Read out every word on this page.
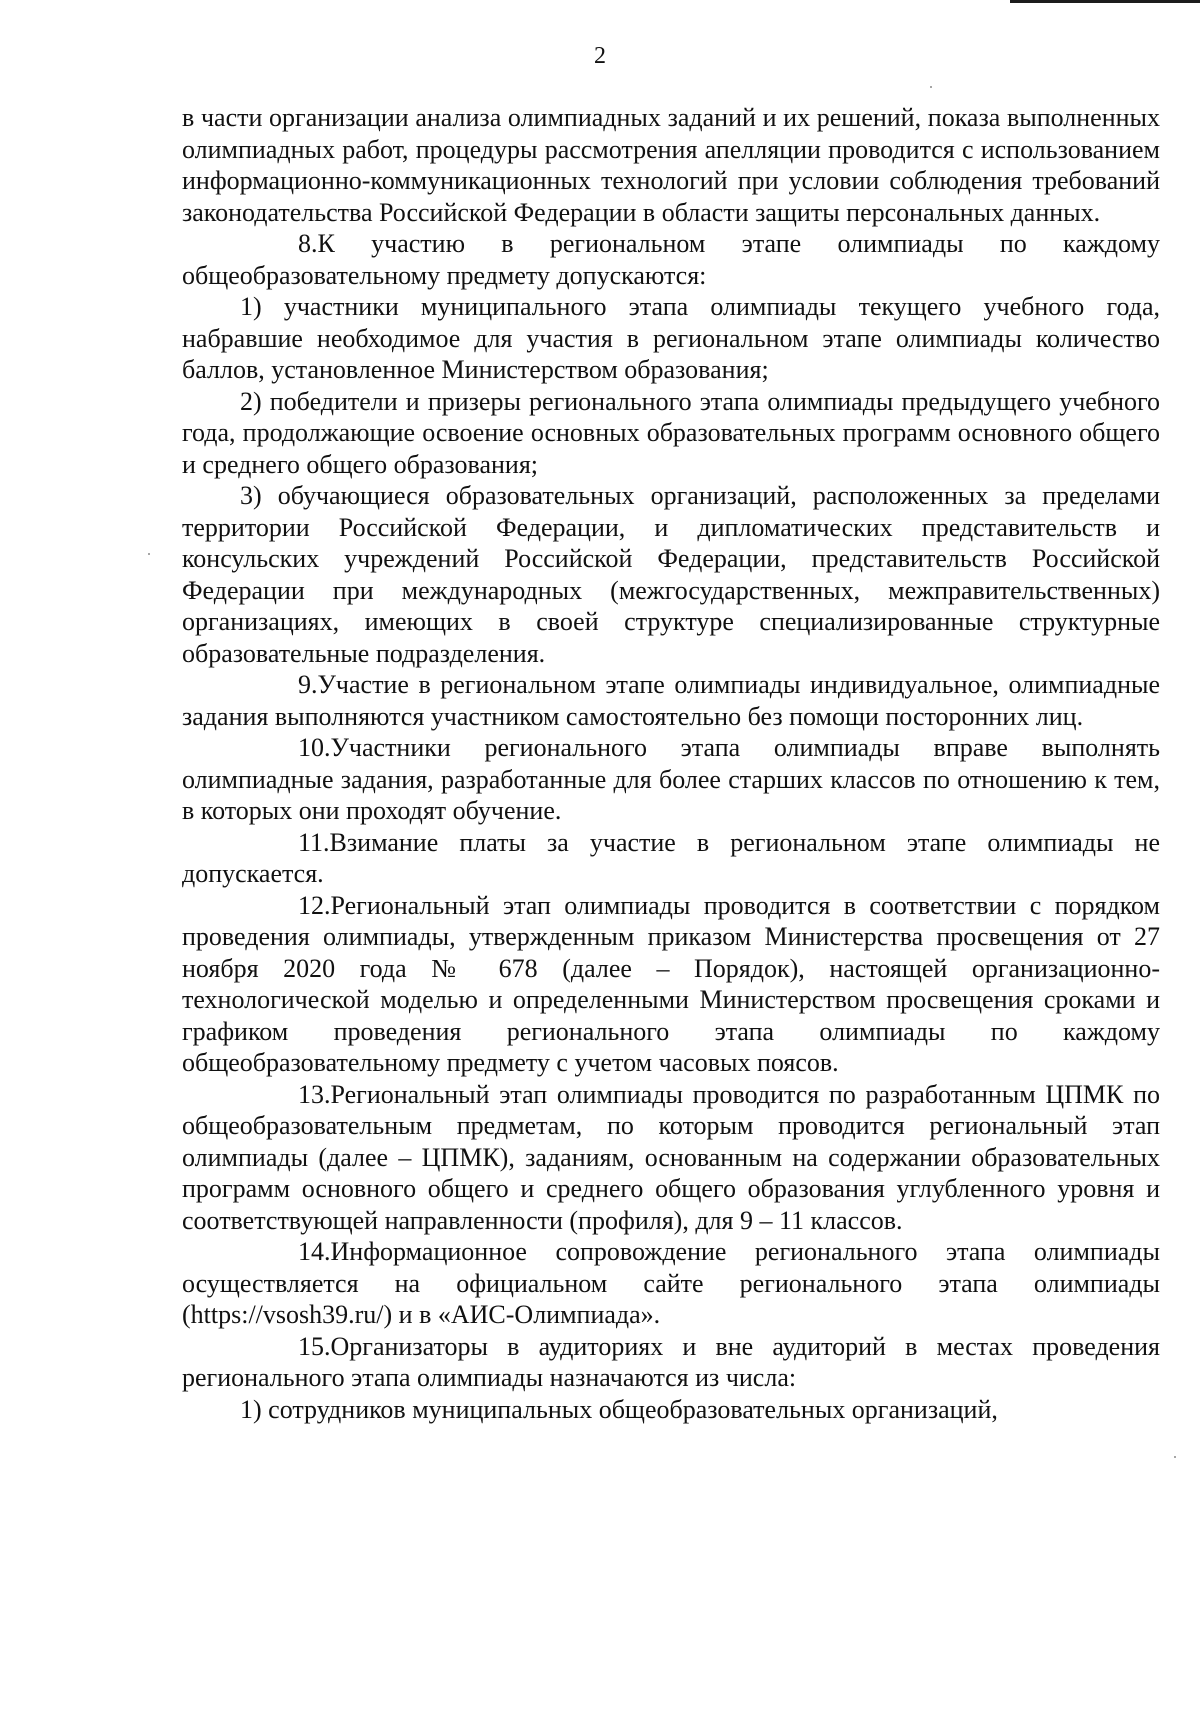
2

в части организации анализа олимпиадных заданий и их решений, показа выполненных олимпиадных работ, процедуры рассмотрения апелляции проводится с использованием информационно-коммуникационных технологий при условии соблюдения требований законодательства Российской Федерации в области защиты персональных данных.

8.К участию в региональном этапе олимпиады по каждому общеобразовательному предмету допускаются:

1) участники муниципального этапа олимпиады текущего учебного года, набравшие необходимое для участия в региональном этапе олимпиады количество баллов, установленное Министерством образования;

2) победители и призеры регионального этапа олимпиады предыдущего учебного года, продолжающие освоение основных образовательных программ основного общего и среднего общего образования;

3) обучающиеся образовательных организаций, расположенных за пределами территории Российской Федерации, и дипломатических представительств и консульских учреждений Российской Федерации, представительств Российской Федерации при международных (межгосударственных, межправительственных) организациях, имеющих в своей структуре специализированные структурные образовательные подразделения.

9.Участие в региональном этапе олимпиады индивидуальное, олимпиадные задания выполняются участником самостоятельно без помощи посторонних лиц.

10.Участники регионального этапа олимпиады вправе выполнять олимпиадные задания, разработанные для более старших классов по отношению к тем, в которых они проходят обучение.

11.Взимание платы за участие в региональном этапе олимпиады не допускается.

12.Региональный этап олимпиады проводится в соответствии с порядком проведения олимпиады, утвержденным приказом Министерства просвещения от 27 ноября 2020 года № 678 (далее – Порядок), настоящей организационно-технологической моделью и определенными Министерством просвещения сроками и графиком проведения регионального этапа олимпиады по каждому общеобразовательному предмету с учетом часовых поясов.

13.Региональный этап олимпиады проводится по разработанным ЦПМК по общеобразовательным предметам, по которым проводится региональный этап олимпиады (далее – ЦПМК), заданиям, основанным на содержании образовательных программ основного общего и среднего общего образования углубленного уровня и соответствующей направленности (профиля), для 9 – 11 классов.

14.Информационное сопровождение регионального этапа олимпиады осуществляется на официальном сайте регионального этапа олимпиады (https://vsosh39.ru/) и в «АИС-Олимпиада».

15.Организаторы в аудиториях и вне аудиторий в местах проведения регионального этапа олимпиады назначаются из числа:

1) сотрудников муниципальных общеобразовательных организаций,
